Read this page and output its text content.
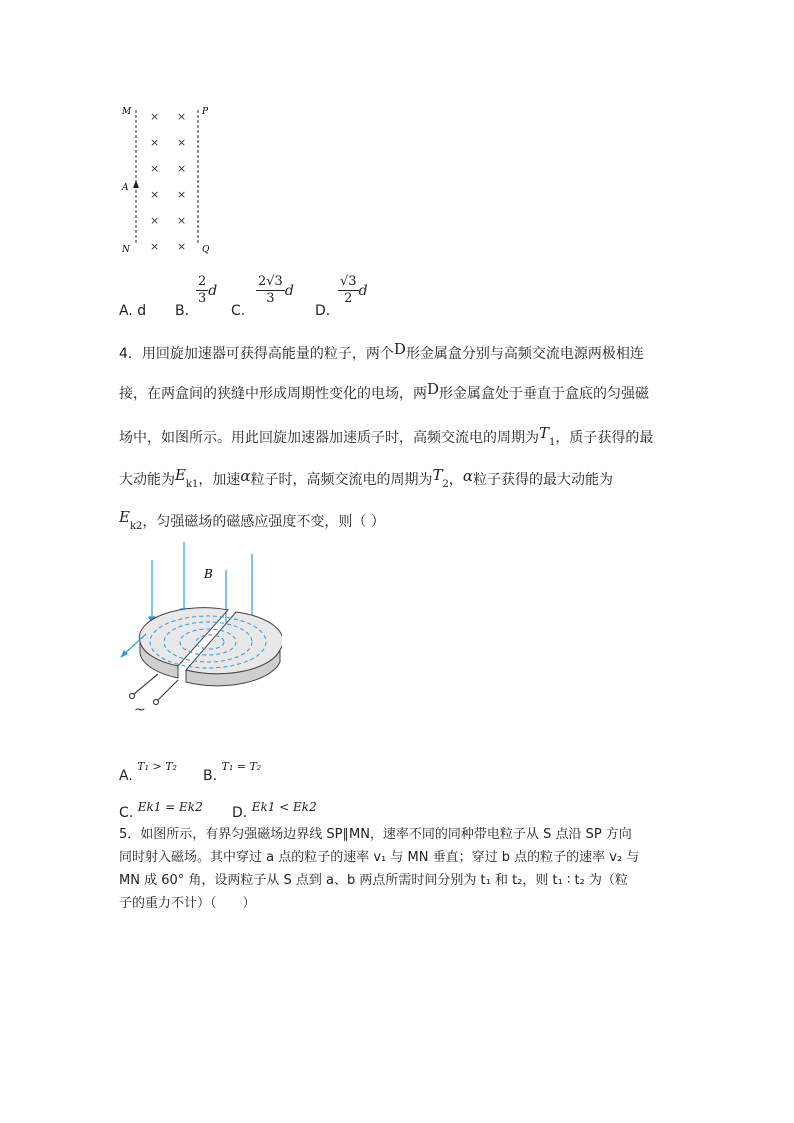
M	P
A
N	Q
× ×
× ×
× ×
× ×
× ×
× ×
A. d B.
$\frac{2}{3}$ d
C.
$\frac{2√3}{3}$ d
D.
$\frac{√3}{2}$ d
4．用回旋加速器可获得高能量的粒子，两个D形金属盒分别与高频交流电源两极相连
接，在两盒间的狭缝中形成周期性变化的电场，两D形金属盒处于垂直于盒底的匀强磁
场中，如图所示。用此回旋加速器加速质子时，高频交流电的周期为$T_1$，质子获得的最
大动能为$E_{k1}$，加速α粒子时，高频交流电的周期为$T_2$，α粒子获得的最大动能为
$E_{k2}$，匀强磁场的磁感应强度不变，则（ ）
B
~
A. $^{T_1 > T_2}$
B. $^{T_1 = T_2}$
C. Ek1 = Ek2 D. Ek1 < Ek2
5．如图所示，有界匀强磁场边界线 SP∥MN，速率不同的同种带电粒子从 S 点沿 SP 方向
同时射入磁场。其中穿过 a 点的粒子的速率 v₁ 与 MN 垂直；穿过 b 点的粒子的速率 v₂ 与
MN 成 60° 角，设两粒子从 S 点到 a、b 两点所需时间分别为 t₁ 和 t₂，则 t₁ ∶ t₂ 为（粒
子的重力不计）（　　）
